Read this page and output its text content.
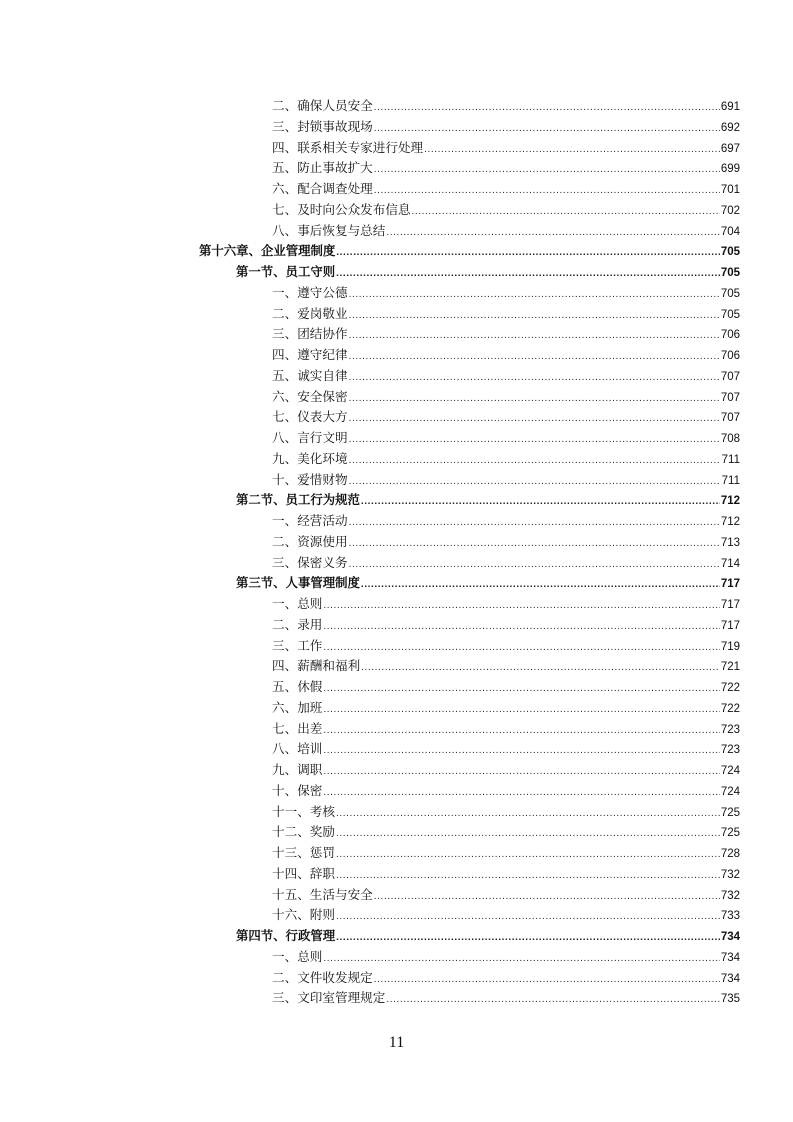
二、确保人员安全 .....	691
三、封锁事故现场 .....	692
四、联系相关专家进行处理 .....	697
五、防止事故扩大 .....	699
六、配合调查处理 .....	701
七、及时向公众发布信息 .....	702
八、事后恢复与总结 .....	704
第十六章、企业管理制度 .....	705
第一节、员工守则 .....	705
一、遵守公德 .....	705
二、爱岗敬业 .....	705
三、团结协作 .....	706
四、遵守纪律 .....	706
五、诚实自律 .....	707
六、安全保密 .....	707
七、仪表大方 .....	707
八、言行文明 .....	708
九、美化环境 .....	711
十、爱惜财物 .....	711
第二节、员工行为规范 .....	712
一、经营活动 .....	712
二、资源使用 .....	713
三、保密义务 .....	714
第三节、人事管理制度 .....	717
一、总则 .....	717
二、录用 .....	717
三、工作 .....	719
四、薪酬和福利 .....	721
五、休假 .....	722
六、加班 .....	722
七、出差 .....	723
八、培训 .....	723
九、调职 .....	724
十、保密 .....	724
十一、考核 .....	725
十二、奖励 .....	725
十三、惩罚 .....	728
十四、辞职 .....	732
十五、生活与安全 .....	732
十六、附则 .....	733
第四节、行政管理 .....	734
一、总则 .....	734
二、文件收发规定 .....	734
三、文印室管理规定 .....	735
11
